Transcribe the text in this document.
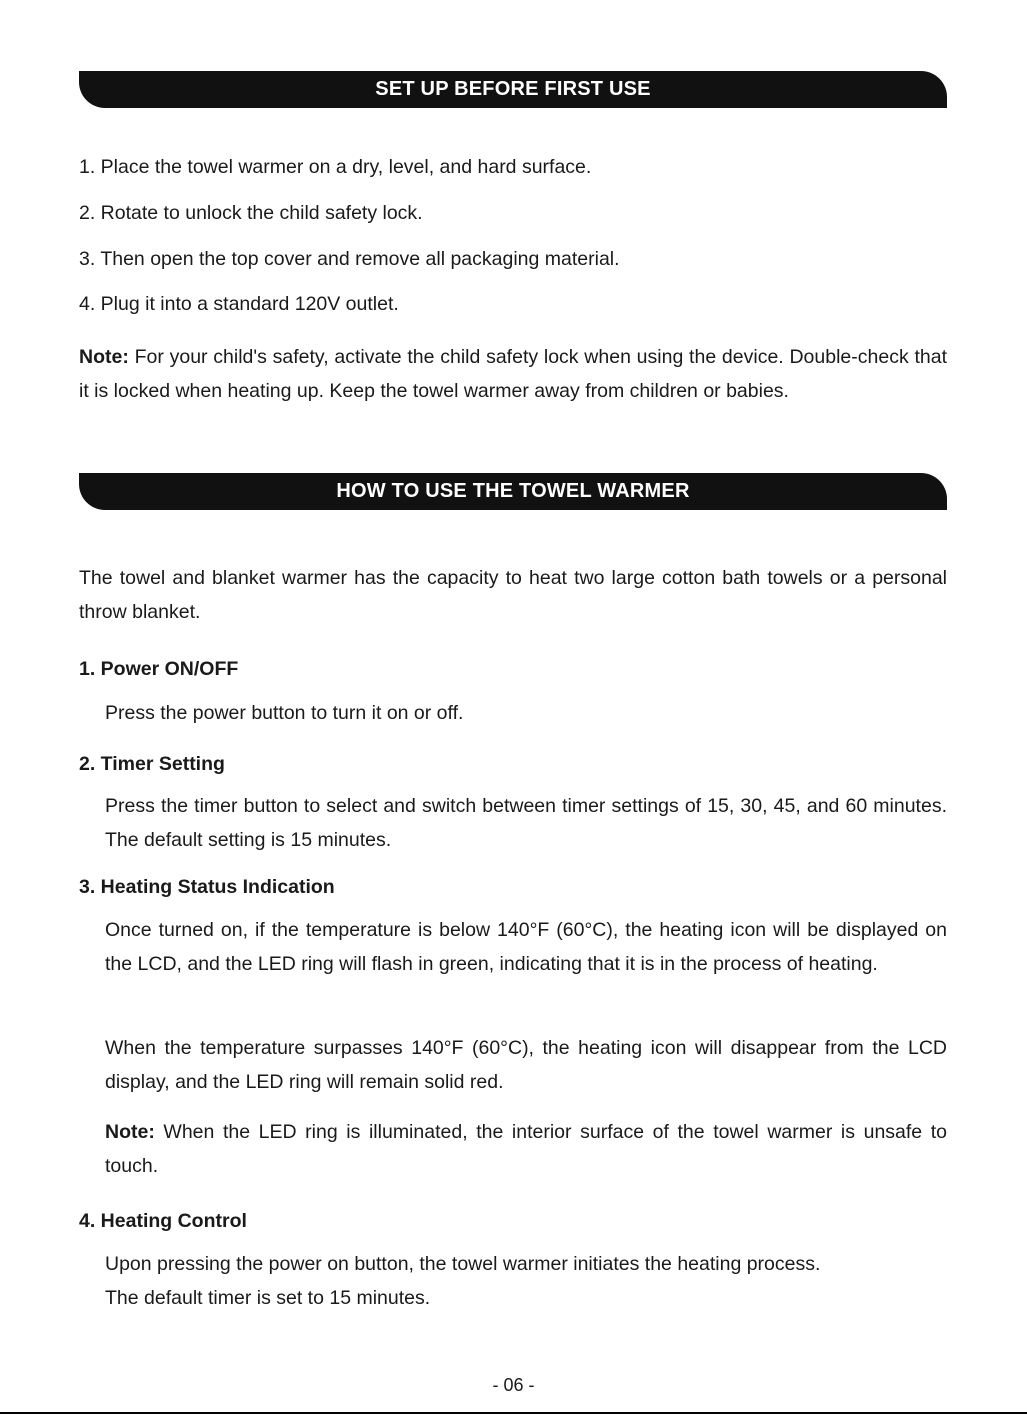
SET UP BEFORE FIRST USE

1. Place the towel warmer on a dry, level, and hard surface.

2. Rotate to unlock the child safety lock.

3. Then open the top cover and remove all packaging material.

4. Plug it into a standard 120V outlet.

Note: For your child's safety, activate the child safety lock when using the device. Double-check that it is locked when heating up. Keep the towel warmer away from children or babies.

HOW TO USE THE TOWEL WARMER

The towel and blanket warmer has the capacity to heat two large cotton bath towels or a personal throw blanket.

1. Power ON/OFF

Press the power button to turn it on or off.

2. Timer Setting

Press the timer button to select and switch between timer settings of 15, 30, 45, and 60 minutes. The default setting is 15 minutes.

3. Heating Status Indication

Once turned on, if the temperature is below 140°F (60°C), the heating icon will be displayed on the LCD, and the LED ring will flash in green, indicating that it is in the process of heating.

When the temperature surpasses 140°F (60°C), the heating icon will disappear from the LCD display, and the LED ring will remain solid red.

Note: When the LED ring is illuminated, the interior surface of the towel warmer is unsafe to touch.

4. Heating Control

Upon pressing the power on button, the towel warmer initiates the heating process.

The default timer is set to 15 minutes.

- 06 -
